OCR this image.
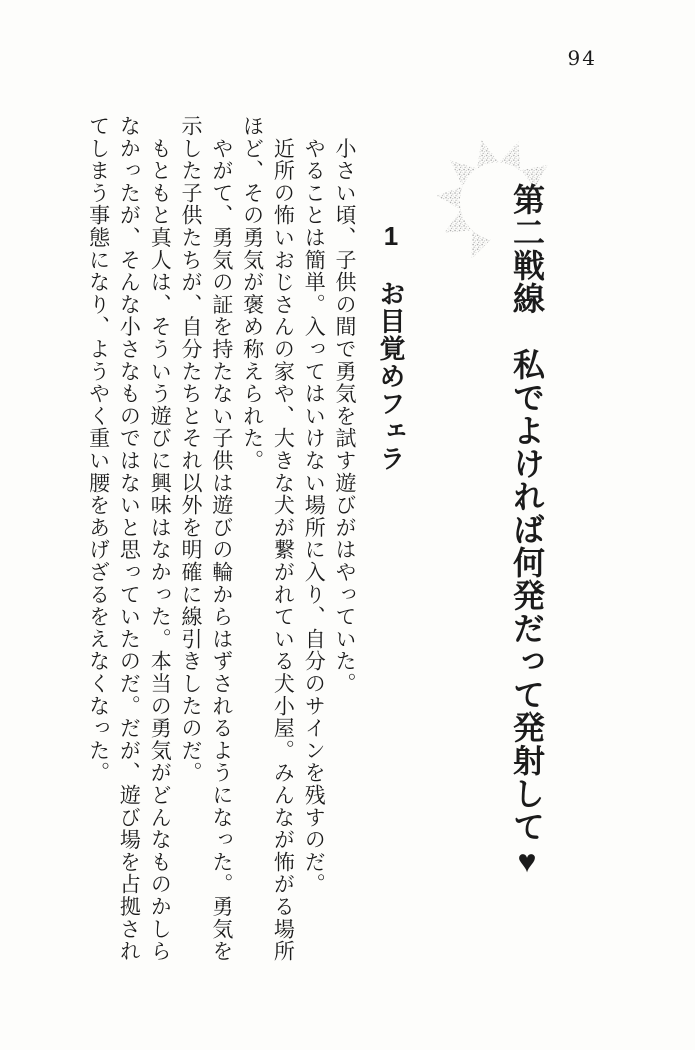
94
第二戦線　私でよければ何発だって発射して♥
1　お目覚めフェラ

　小さい頃、子供の間で勇気を試す遊びがはやっていた。

　やることは簡単。入ってはいけない場所に入り、自分のサインを残すのだ。

　近所の怖いおじさんの家や、大きな犬が繋がれている犬小屋。みんなが怖がる場所

ほど、その勇気が褒め称えられた。

　やがて、勇気の証を持たない子供は遊びの輪からはずされるようになった。勇気を

示した子供たちが、自分たちとそれ以外を明確に線引きしたのだ。

　もともと真人は、そういう遊びに興味はなかった。本当の勇気がどんなものかしら

なかったが、そんな小さなものではないと思っていたのだ。だが、遊び場を占拠され

てしまう事態になり、ようやく重い腰をあげざるをえなくなった。
